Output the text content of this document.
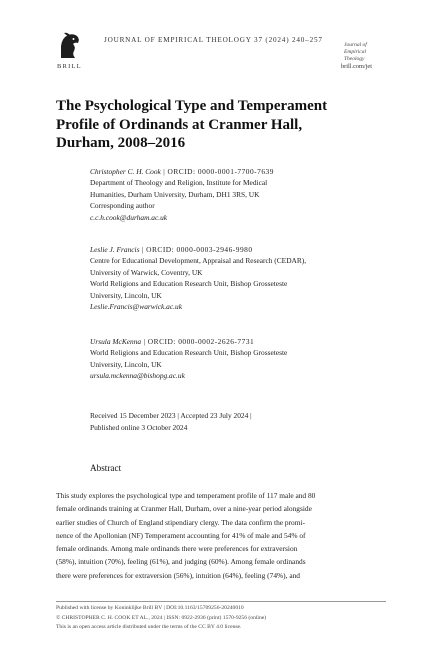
BRILL
JOURNAL OF EMPIRICAL THEOLOGY 37 (2024) 240–257
Journal of
Empirical Theology
brill.com/jet
The Psychological Type and Temperament
Profile of Ordinands at Cranmer Hall,
Durham, 2008–2016
Christopher C. H. Cook | ORCID: 0000-0001-7700-7639
Department of Theology and Religion, Institute for Medical
Humanities, Durham University, Durham, DH1 3RS, UK
Corresponding author
c.c.h.cook@durham.ac.uk
Leslie J. Francis | ORCID: 0000-0003-2946-9980
Centre for Educational Development, Appraisal and Research (CEDAR),
University of Warwick, Coventry, UK
World Religions and Education Research Unit, Bishop Grosseteste
University, Lincoln, UK
Leslie.Francis@warwick.ac.uk
Ursula McKenna | ORCID: 0000-0002-2626-7731
World Religions and Education Research Unit, Bishop Grosseteste
University, Lincoln, UK
ursula.mckenna@bishopg.ac.uk
Received 15 December 2023 | Accepted 23 July 2024 |
Published online 3 October 2024
Abstract
This study explores the psychological type and temperament profile of 117 male and 80
female ordinands training at Cranmer Hall, Durham, over a nine-year period alongside
earlier studies of Church of England stipendiary clergy. The data confirm the promi-
nence of the Apollonian (NF) Temperament accounting for 41% of male and 54% of
female ordinands. Among male ordinands there were preferences for extraversion
(58%), intuition (70%), feeling (61%), and judging (60%). Among female ordinands
there were preferences for extraversion (56%), intuition (64%), feeling (74%), and
Published with license by Koninklijke Brill BV | DOI:10.1163/15709256-20240010
© CHRISTOPHER C. H. COOK ET AL., 2024 | ISSN: 0922-2936 (print) 1570-9256 (online)
This is an open access article distributed under the terms of the CC BY 4.0 license.
